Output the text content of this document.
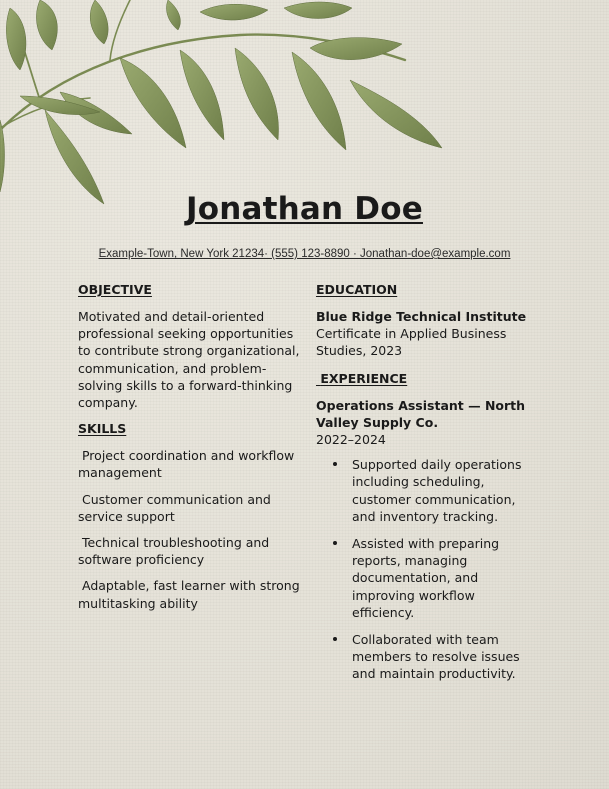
Jonathan Doe
Example-Town, New York 21234· (555) 123-8890 · Jonathan-doe@example.com

OBJECTIVE

Motivated and detail-oriented professional seeking opportunities to contribute strong organizational, communication, and problem-solving skills to a forward-thinking company.

SKILLS

Project coordination and workflow management

Customer communication and service support

Technical troubleshooting and software proficiency

Adaptable, fast learner with strong multitasking ability

EDUCATION

Blue Ridge Technical Institute

Certificate in Applied Business Studies, 2023

EXPERIENCE

Operations Assistant — North Valley Supply Co.

2022–2024

Supported daily operations including scheduling, customer communication, and inventory tracking.
Assisted with preparing reports, managing documentation, and improving workflow efficiency.
Collaborated with team members to resolve issues and maintain productivity.
